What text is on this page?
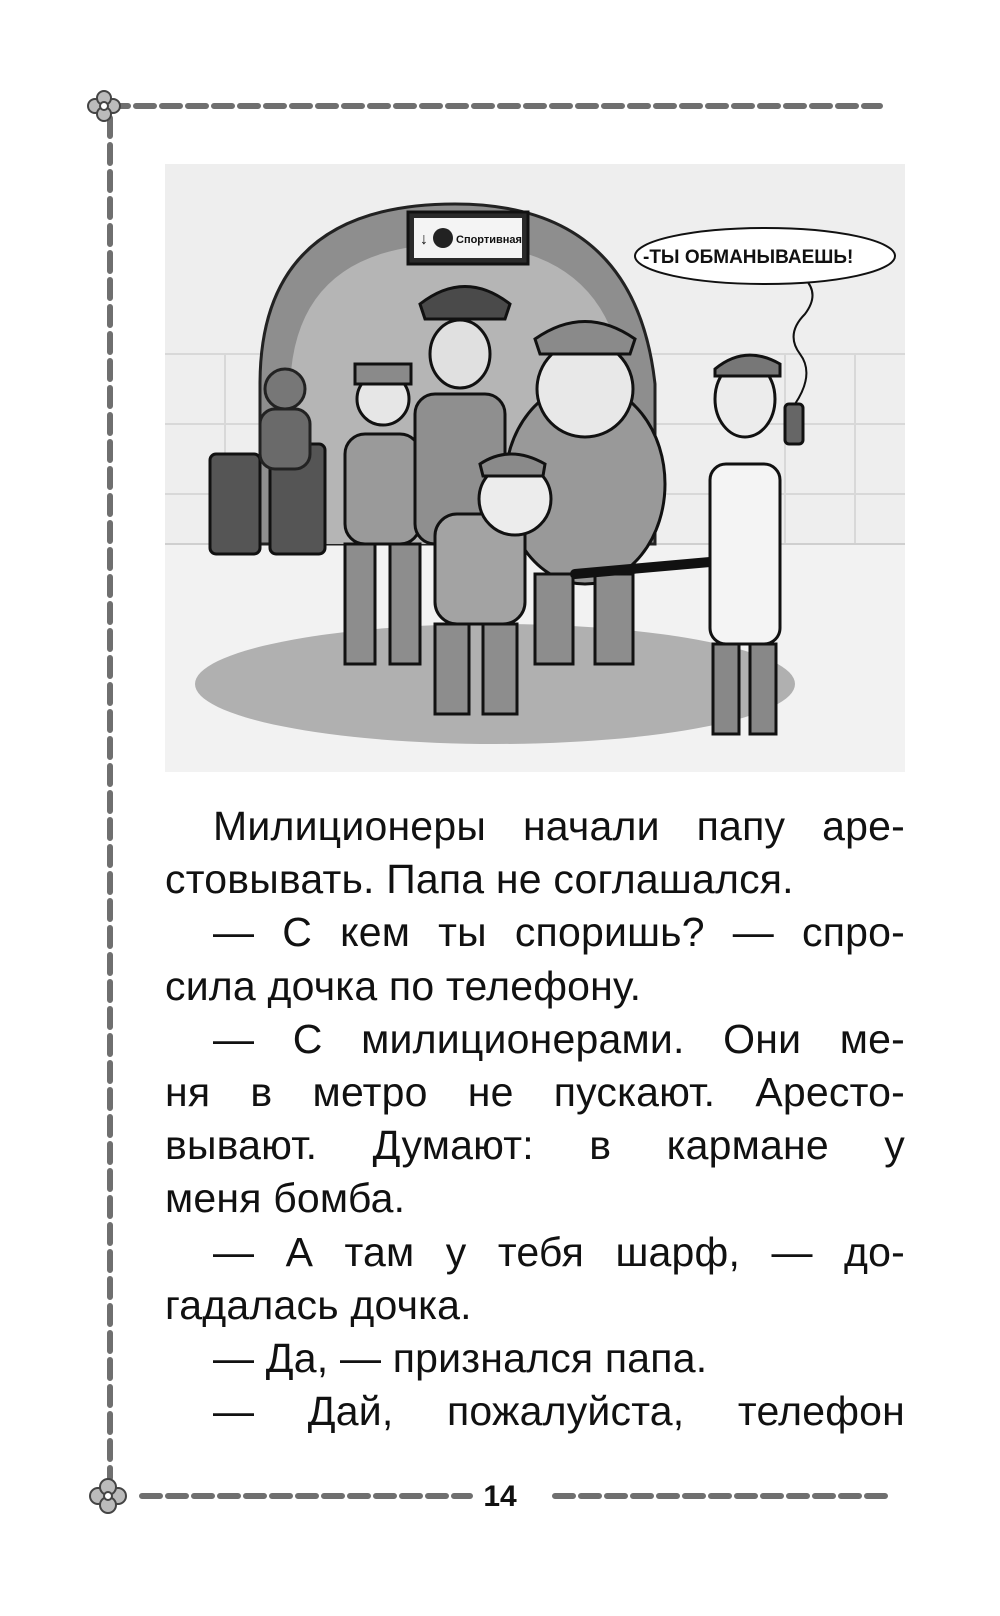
↓	Спортивная
-ТЫ ОБМАНЫВАЕШЬ!
Милиционеры начали папу аре-
стовывать. Папа не соглашался.
— С кем ты споришь? — спро-
сила дочка по телефону.
— С милиционерами. Они ме-
ня в метро не пускают. Аресто-
вывают. Думают: в кармане у
меня бомба.
— А там у тебя шарф, — до-
гадалась дочка.
— Да, — признался папа.
— Дай, пожалуйста, телефон
14
